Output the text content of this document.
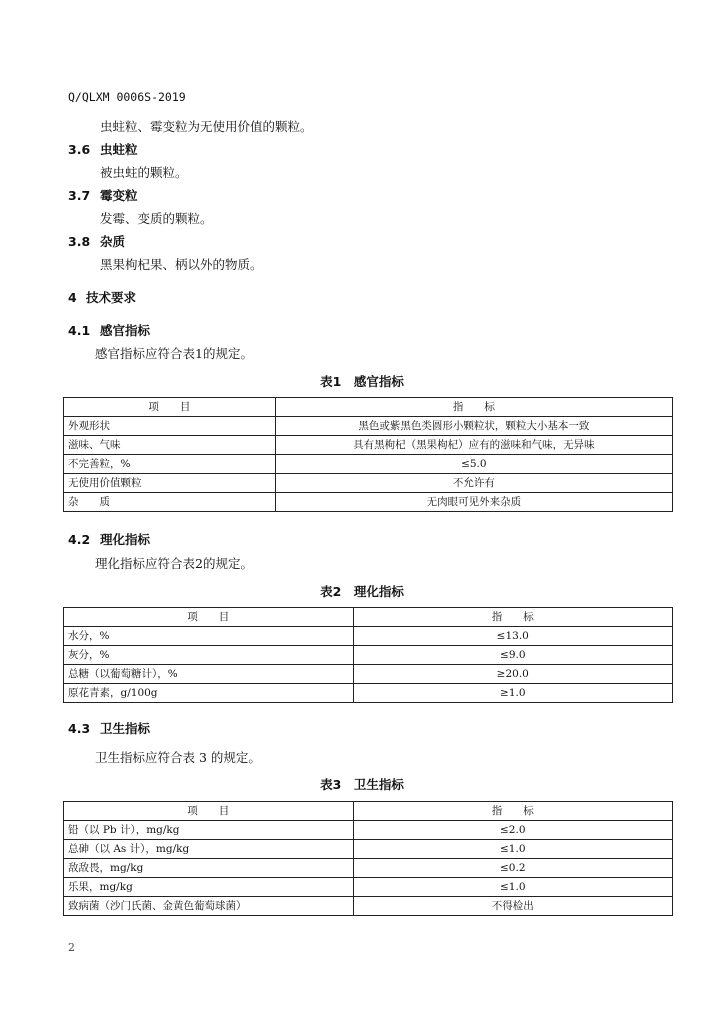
Q/QLXM 0006S-2019
虫蛀粒、霉变粒为无使用价值的颗粒。
3.6 虫蛀粒
被虫蛀的颗粒。
3.7 霉变粒
发霉、变质的颗粒。
3.8 杂质
黑果枸杞果、柄以外的物质。
4 技术要求
4.1 感官指标
感官指标应符合表1的规定。
表1　感官指标
项　　目	指　　标
外观形状	黑色或紫黑色类圆形小颗粒状，颗粒大小基本一致
滋味、气味	具有黑枸杞（黑果枸杞）应有的滋味和气味，无异味
不完善粒，%	≤5.0
无使用价值颗粒	不允许有
杂　　质	无肉眼可见外来杂质
4.2 理化指标
理化指标应符合表2的规定。
表2　理化指标
项　　目	指　　标
水分，%	≤13.0
灰分，%	≤9.0
总糖（以葡萄糖计），%	≥20.0
原花青素，g/100g	≥1.0
4.3 卫生指标
卫生指标应符合表 3 的规定。
表3　卫生指标
项　　目	指　　标
铅（以 Pb 计），mg/kg	≤2.0
总砷（以 As 计），mg/kg	≤1.0
敌敌畏，mg/kg	≤0.2
乐果，mg/kg	≤1.0
致病菌（沙门氏菌、金黄色葡萄球菌）	不得检出
2
